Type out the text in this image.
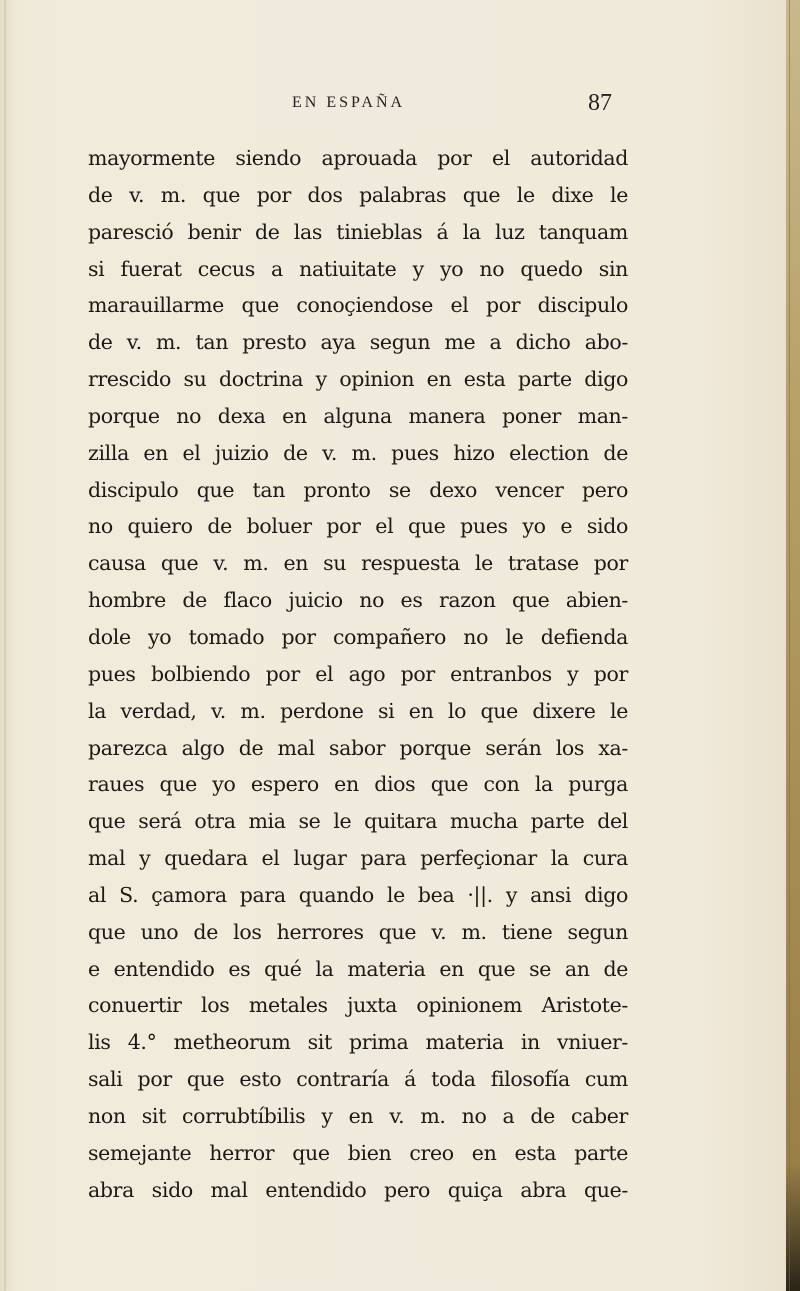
EN ESPAÑA	87
mayormente siendo aprouada por el autoridad
de v. m. que por dos palabras que le dixe le
paresció benir de las tinieblas á la luz tanquam
si fuerat cecus a natiuitate y yo no quedo sin
marauillarme que conoçiendose el por discipulo
de v. m. tan presto aya segun me a dicho abo-
rrescido su doctrina y opinion en esta parte digo
porque no dexa en alguna manera poner man-
zilla en el juizio de v. m. pues hizo election de
discipulo que tan pronto se dexo vencer pero
no quiero de boluer por el que pues yo e sido
causa que v. m. en su respuesta le tratase por
hombre de flaco juicio no es razon que abien-
dole yo tomado por compañero no le defienda
pues bolbiendo por el ago por entranbos y por
la verdad, v. m. perdone si en lo que dixere le
parezca algo de mal sabor porque serán los xa-
raues que yo espero en dios que con la purga
que será otra mia se le quitara mucha parte del
mal y quedara el lugar para perfeçionar la cura
al S. çamora para quando le bea ·||. y ansi digo
que uno de los herrores que v. m. tiene segun
e entendido es qué la materia en que se an de
conuertir los metales juxta opinionem Aristote-
lis 4.° metheorum sit prima materia in vniuer-
sali por que esto contraría á toda filosofía cum
non sit corrubtíbilis y en v. m. no a de caber
semejante herror que bien creo en esta parte
abra sido mal entendido pero quiça abra que-
